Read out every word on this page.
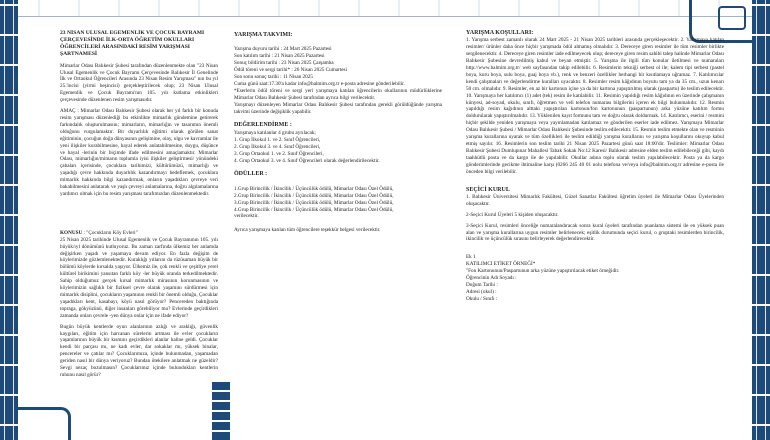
23 NİSAN ULUSAL EGEMENLİK VE ÇOCUK BAYRAMI ÇERÇEVESİNDE İLK-ORTA ÖĞRETİM OKULLARI ÖĞRENCİLERİ ARASINDAKİ RESİM YARIŞMASI ŞARTNAMESİ

Mimarlar Odası Balıkesir Şubesi tarafından düzenlenmekte olan "23 Nisan Ulusal Egemenlik ve Çocuk Bayramı Çerçevesinde Balıkesir İl Genelinde İlk ve Ortaokul Öğrencileri Arasında 23 Nisan Resim Yarışması" nın bu yıl 25.'incisi (yirmi beşincisi) gerçekleştirilecek olup; 23 Nisan Ulusal Egemenlik ve Çocuk Bayramı'nın 105. yılı kutlama etkinlikleri çerçevesinde düzenlenen resim yarışmasıdır.

AMAÇ : Mimarlar Odası Balıkesir Şubesi olarak her yıl farklı bir konuda resim yarışması düzenlediği bu etkinlikte mimarlık gündemine getirerek farkındalık oluşturulmasını; mimarların, mimarlığın ve tasarımın önemli olduğunu vurgulamaktır. Bir duyarlılık eğitimi olarak görülen sanat eğitiminin, çocuğun doğa dünyasının gelişimine, olay, olgu ve kavramlar ile yeni ilişkiler kurabilmesine, hayal ederek anlatabilmesine, duygu, düşünce ve hayal -lerinin bir biçimde ifade edilmesini amaçlamaktır. Mimarlar Odası, mimarlığın/mimarın toplumla iyisi ilişkiler geliştirmesi/ yönündeki çabaları içerisinde, çocuklara tarihimizi, kültürümüzü, mimarlığı ve yaşadığı çevre hakkında duyarlılık kazandırmayı hedeflemek, çocuklara mimarlık hakkında bilgi kazandırmak, onların yaşadıkları çevreye veri bakabilmesini anlatarak ve yaşlı çevreyi anlamalarına, doğru algılamalarına yardımcı olmak için bu resim yarışması tarafımızdan düzenlenmektedir.

KONUSU : "Çocukların Köy Evleri"

25 Nisan 2025 tarihinde Ulusal Egemenlik ve Çocuk Bayramının 105. yılı büyük/ıyl dönümünü kutluyoruz. Bu zaman zarfında ülkemiz her anlamda değişirken yaşadı ve yaşamaya devam ediyor. En fazla değişim de köylerimizde gözlemlenektedir. Kuraklığı yıllarını da rüzüsaman büyük bir bölümü köylerde kırsalda yaşıyor. Ülkemiz ile, çok renkli ve çeşitliye yerel kültürel birikimini yansıtan farklı köy -ler büyük oranda terkedilmektedir. Sahip olduğumuz gerçek kırsal mimarlık mirasının korunmasının ve köylerimizin sağlıklı bir fiziksel çevre olarak yaşamını sürdürmesi için mimarlık disiplini, çocukların yaşamının renkli bir önemli olduğu, Çocuklar yaşadıkları kent, kasabayı, köyü nasıl görüyor? Pencereden baktığında topraga, gökyüzünü, diğer insanları görebiliyor mu? Evlerinde geçirdikleri zamanda onları çevrele -yen dünya onlar için ne ifade ediyor?

Bugün büyük kentlerde oyun alanlarının azlığı ve araklığı, güvenlik kaygıları, eğitim için harcanan sürelerin artması ile evler çocukların yaşamlarının büyük bir kısmını geçirdikleri alanlar haline geldi. Çocuklar kendi bir parçası mı, ne kadı evler, dar sokaklar mı, yüksek binalar, pencereler ve çatılar mı? Çocuklarımıza, içinde bulunmadan, yaşamadan geriden nasıl bir dünya veriyoruz? Bundan ötekilere anlatmak ne güzeldir? Sevgi nezaç bozulmasın? Çocuklarımız içinde bulundukları kentlerin ruhunu nasıl görür?

YARIŞMA TAKVİMİ:

Yarışma duyuru tarihi : 24 Mart 2025 Pazartesi

Son katılım tarihi : 21 Nisan 2025 Pazartesi

Sonuç bildirim tarihi : 23 Nisan 2025 Çarşamba

Ödül töreni ve sergi tarihi* : 26 Nisan 2025 Cumartesi

Son sonu sonuç tarihi : 11 Nisan 2025

Cuma günü saat:17.30'a kadar info@balmim.org.tr e-posta adresine gönderilebilir.

*Eserlerin ödül töreni ve sergi yeri yarışmaya katılan öğrencilerin okullarının müdürlüklerine Mimarlar Odası Balıkesir Şubesi tarafından ayrıca bilgi verilecektir.

Yarışmayı düzenleyen Mimarlar Odası Balıkesir Şubesi tarafından gerekli görüldüğünde yarışma takvimi üzerinde değişiklik yapabilir.

DEĞERLENDİRME :

Yarışmaya katılanlar 4 grubu ayrılacak;

1. Grup İlkokul 1. ve 2. Sınıf Öğrencileri,

2. Grup İlkokul 3. ve 4. Sınıf Öğrencileri,

3. Grup Ortaokul 1. ve 2. Sınıf Öğrencileri,

4. Grup Ortaokul 3. ve 4. Sınıf Öğrencileri olarak değerlendirilecektir.

ÖDÜLLER :

1.Grup Birincilik / İkincilik / Üçüncülük ödülü, Mimarlar Odası Özel Ödülü,

2.Grup Birincilik / İkincilik / Üçüncülük ödülü, Mimarlar Odası Özel Ödülü,

3.Grup Birincilik / İkincilik / Üçüncülük ödülü, Mimarlar Odası Özel Ödülü,

4.Grup Birincilik / İkincilik / Üçüncülük ödülü, Mimarlar Odası Özel Ödülü,

verilecektir.

Ayrıca yarışmaya katılan tüm öğrencilere teşekkür belgesi verilecektir.

YARIŞMA KOŞULLARI:

1. Yarışma serbest zamanlı olarak 24 Mart 2025 - 21 Nisan 2025 tarihleri arasında gerçekleşecektir. 2. Yarışmaya katılan resimler/ ürünler daha önce hiçbir yarışmada ödül almamış olmalıdır. 3. Dereceye giren resimler ile tüm resimler birlikte sergilenecektir. 4. Dereceye giren resimler iade edilmeyecek olup; dereceye giren resim sahibi talep halinde Mimarlar Odası Balıkesir Şubesine devredilmiş kabul ve beyan etmiştir. 5. Yarışma ile ilgili tüm konular iletilmesi ve numaraları http://www.balmim.org.tr/ web sayfasından takip edilebilir. 6. Resimlerin tekniği serbest ol ile; kalem tipi serbest (pastel boya, kuru boya, sulu boya, guaj boya vb.), renk ve benzeri özellikler herhangi bir kısıtlamaya uğramaz. 7. Katılımcılar kendi çalışmaları ve değerlendirme kuralları uyacaktır. 8. Resimler resim kâğıdının boyutu tam ya da 35 cm., uzun kenarı 50 cm. olmalıdır. 9. Resimler, en az bir kartonun içine ya da bir kartona yapıştırılmış olarak (paspartu) ile teslim edilecektir. 10. Yarışmaya her katılımcı (1) adet (tek) resim ile katılabilir. 11. Resimin yapıldığı resim kâğıdının en üzerinde çalışmanın künyesi, ad-soyad, okulu, sınıfı, öğretmen ve veli telefon numarası bilgilerini içeren ek bilgi bulunmalıdır. 12. Resmin yapıldığı resim kağıdının alttaki yapıştırılan kartonun/fon kartonunun (paspartunun) arka yüzüne katılım formu doldurularak yapıştırılmalıdır. 13. Yüklenilen kayıt formunu tam ve doğru olarak doldurmak. 14. Katılımcı, eserini / resmini hiçbir şekilde yeniden yarışmaya veya yayınlamadan katılamaz ve gönderilen eserler iade edilmez. Yarışmaya Mimarlar Odası Balıkesir Şubesi / Mimarlar Odası Balıkesir Şubesinde teslim edilecektir. 15. Resmin teslim etmekte olan ve resminin yarışma kurallarına uyarak ve tüm özellikleri ile teslim edildiği yarışma kurallarını ve yarışma koşullarını okuyup kabul etmiş sayılır. 16. Resimlerin son teslim tarihi 21 Nisan 2025 Pazartesi günü saat 18:00'dir. Teslimler: Mimarlar Odası Balıkesir Şubesi Dumlupınar Mahallesi Tabak Sokak No:12 Karesi/ Balıkesir adresine elden teslim edilebileceği gibi, kaydı taahhütlü posta ve da kargo ile de yapılabilir. Okullar adına toplu olarak teslim yapılabilecektir. Posta ya da kargo gönderimlerinde gecikme ihtimaline karşı (0266 245 40 01 nolu telefona ve/veya info@balmim.org.tr adresine e-posta ile önceden bilgi verilebilir.

SEÇİCİ KURUL

1. Balıkesir Üniversitesi Mimarlık Fakültesi, Güzel Sanatlar Fakültesi öğretim üyeleri ile Mimarlar Odası Üyelerinden oluşacaktır.

2-Seçici Kurul Üyeleri 5 kişiden oluşacaktır.

3-Seçici Kurul, resimleri önceliğe numaralandıracak sonra kural üyeleri tarafından puanlama sistemi ile en yüksek puan alan ve yarışma kurallarına uygun resimler belirlenecek; eşitlik durumunda seçici kurul, o gruptaki resimlerden birincilik, ikincilik ve üçüncülük sırasını belirleyerek değerlendirecektir.

Ek 1

KATILIMCI ETİKET ÖRNEĞİ*

"Fon Kartonunun/Paspartunun arka yüzüne yapıştırılacak etiket örneğidir.

Öğrencinin Adı Soyadı :

Doğum Tarihi :

Adresi (okul) :

Okulu / Sınıfı :
